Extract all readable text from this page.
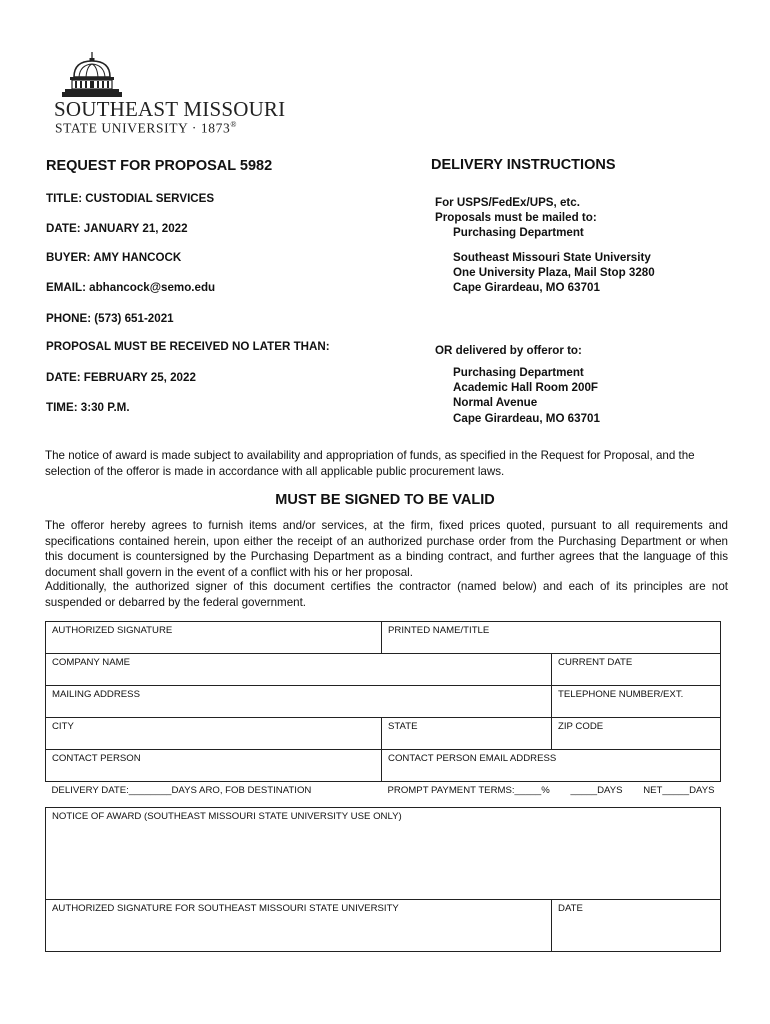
SOUTHEAST MISSOURI
STATE UNIVERSITY · 1873®
REQUEST FOR PROPOSAL 5982
TITLE: CUSTODIAL SERVICES
DATE: JANUARY 21, 2022
BUYER: AMY HANCOCK
EMAIL: abhancock@semo.edu
PHONE: (573) 651-2021
PROPOSAL MUST BE RECEIVED NO LATER THAN:
DATE: FEBRUARY 25, 2022
TIME: 3:30 P.M.
DELIVERY INSTRUCTIONS
For USPS/FedEx/UPS, etc.
Proposals must be mailed to:
Purchasing Department
Southeast Missouri State University
One University Plaza, Mail Stop 3280
Cape Girardeau, MO 63701
OR delivered by offeror to:
Purchasing Department
Academic Hall Room 200F
Normal Avenue
Cape Girardeau, MO 63701
The notice of award is made subject to availability and appropriation of funds, as specified in the Request for Proposal, and the selection of the offeror is made in accordance with all applicable public procurement laws.
MUST BE SIGNED TO BE VALID
The offeror hereby agrees to furnish items and/or services, at the firm, fixed prices quoted, pursuant to all requirements and specifications contained herein, upon either the receipt of an authorized purchase order from the Purchasing Department or when this document is countersigned by the Purchasing Department as a binding contract, and further agrees that the language of this document shall govern in the event of a conflict with his or her proposal.
Additionally, the authorized signer of this document certifies the contractor (named below) and each of its principles are not suspended or debarred by the federal government.
AUTHORIZED SIGNATURE	PRINTED NAME/TITLE	
COMPANY NAME		CURRENT DATE
MAILING ADDRESS		TELEPHONE NUMBER/EXT.
CITY	STATE	ZIP CODE
CONTACT PERSON	CONTACT PERSON EMAIL ADDRESS	
DELIVERY DATE:________DAYS ARO, FOB DESTINATION	PROMPT PAYMENT TERMS:_____% _____DAYS NET_____DAYS	

NOTICE OF AWARD (SOUTHEAST MISSOURI STATE UNIVERSITY USE ONLY)		
AUTHORIZED SIGNATURE FOR SOUTHEAST MISSOURI STATE UNIVERSITY		DATE
